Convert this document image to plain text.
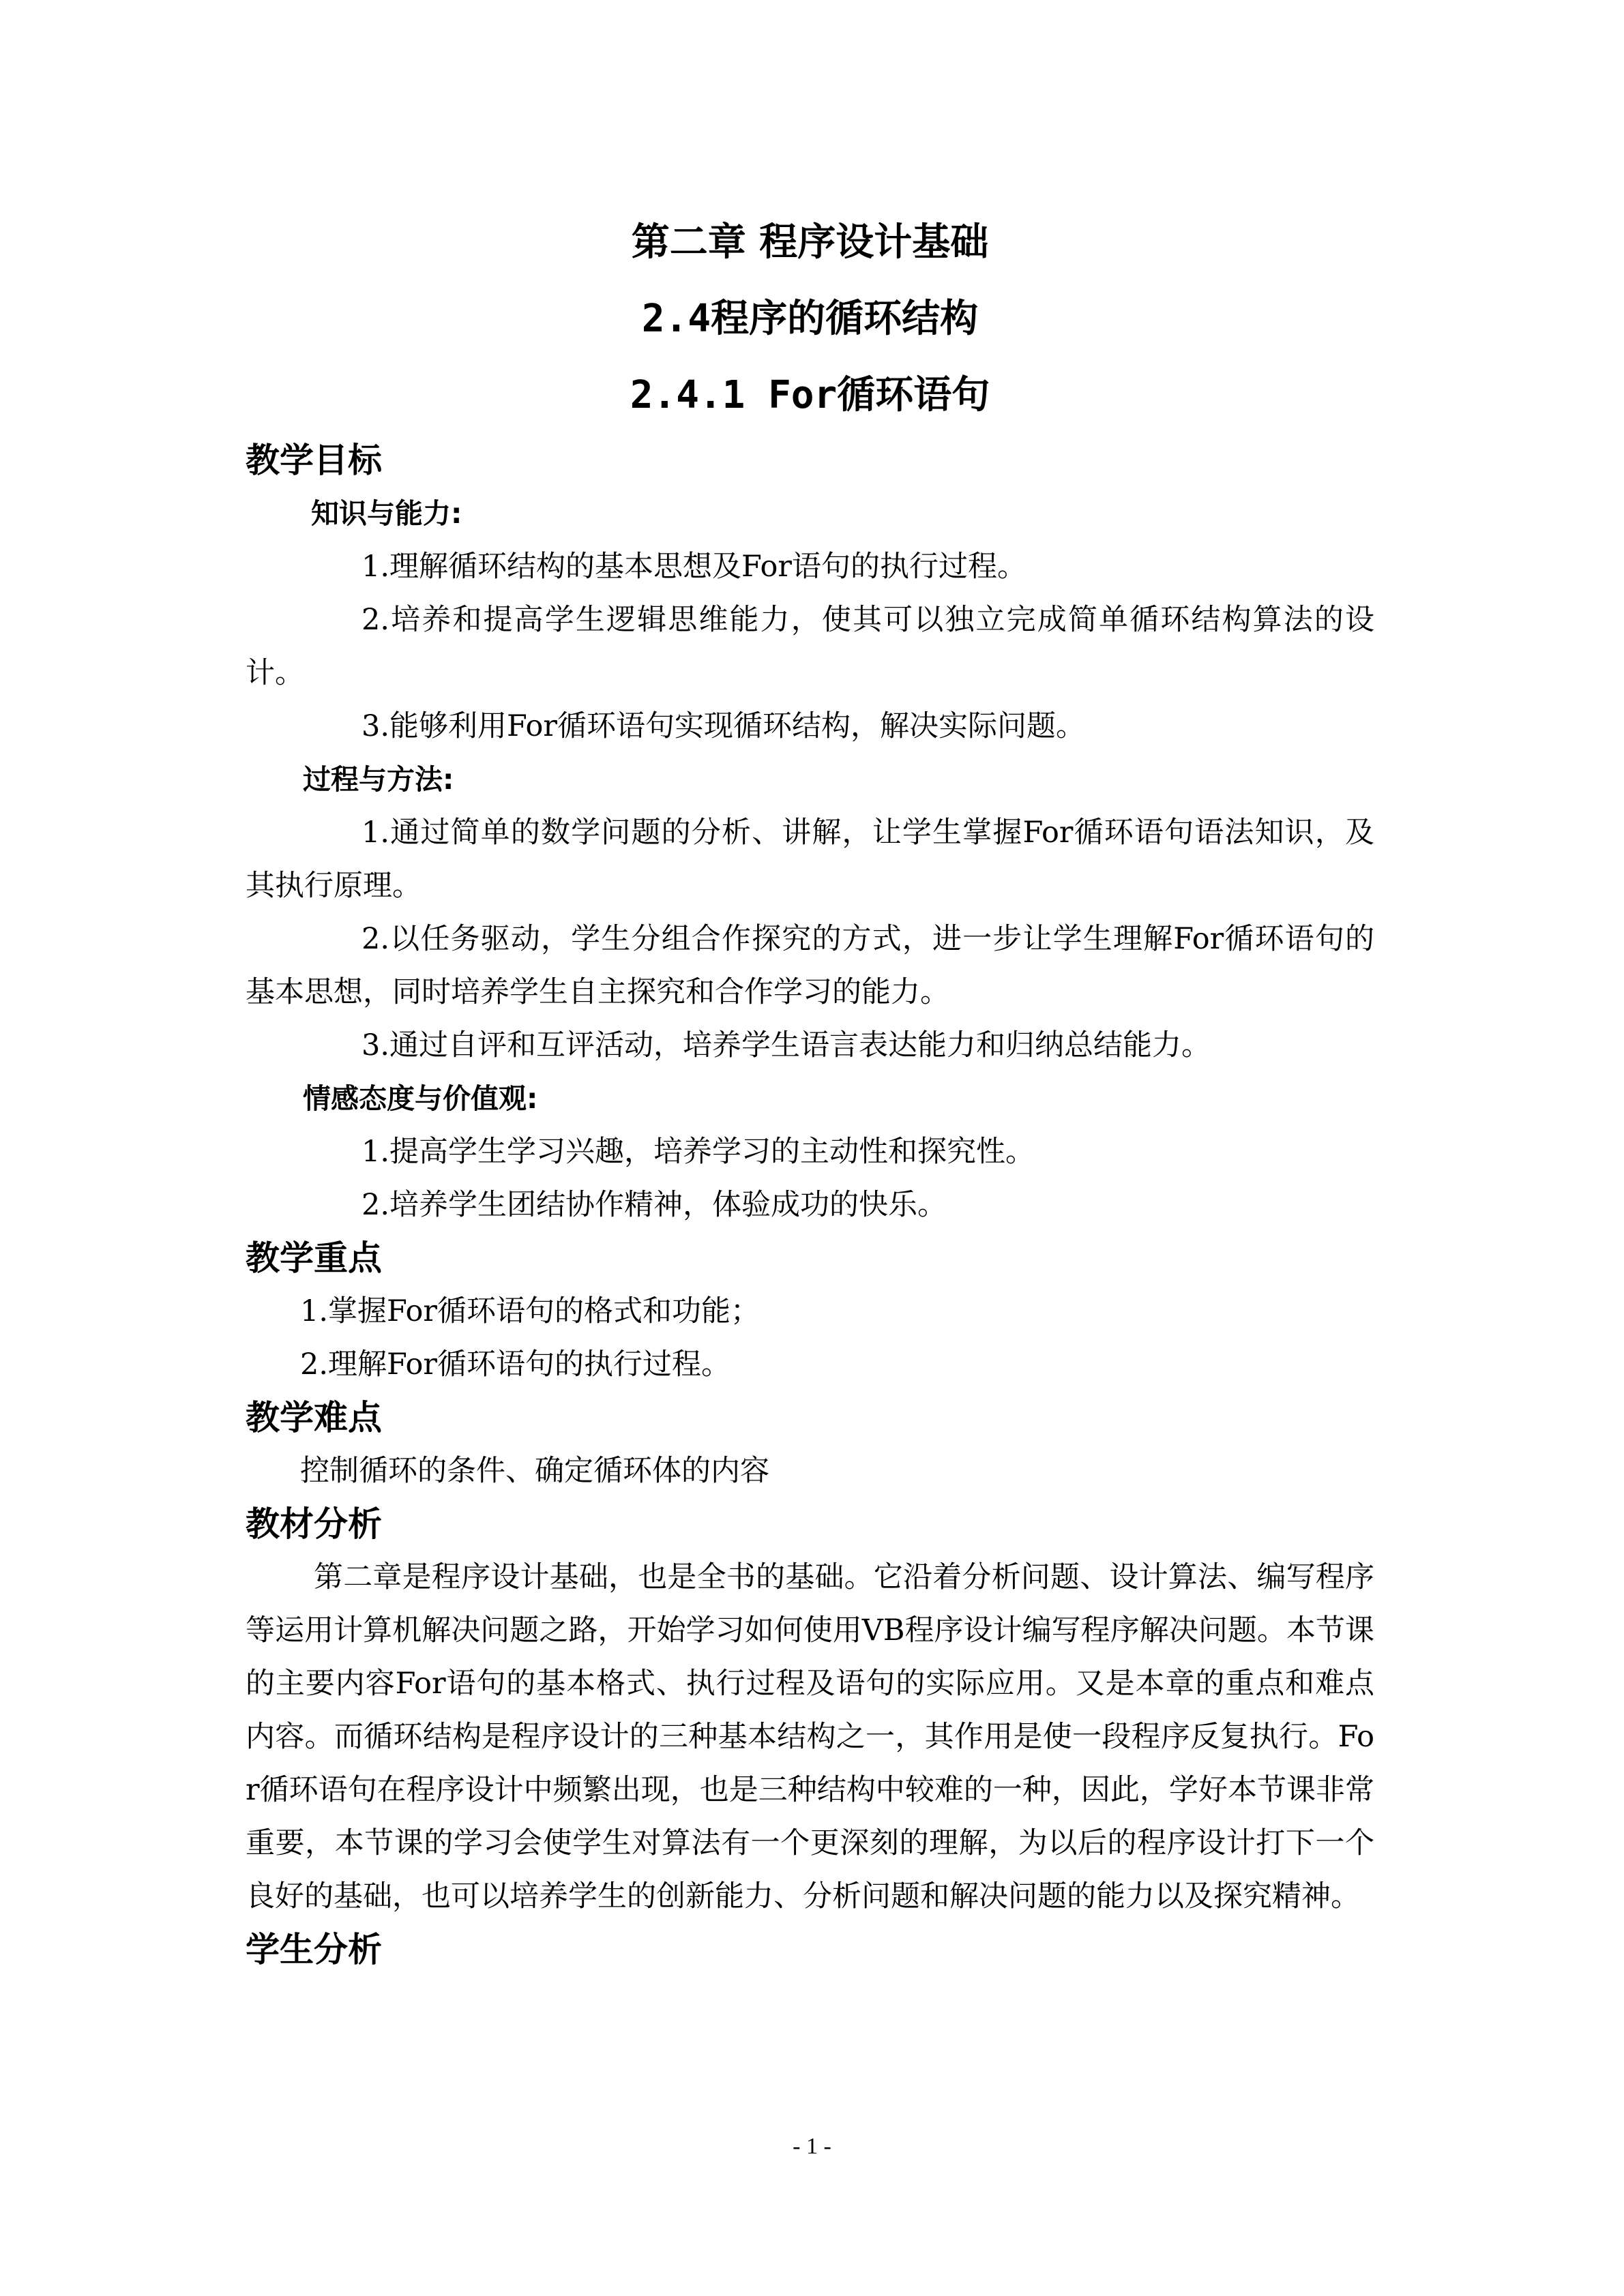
第二章 程序设计基础
2.4程序的循环结构
2.4.1 For循环语句
教学目标
知识与能力:

1.理解循环结构的基本思想及For语句的执行过程。

2.培养和提高学生逻辑思维能力，使其可以独立完成简单循环结构算法的设计。

3.能够利用For循环语句实现循环结构，解决实际问题。

过程与方法:

1.通过简单的数学问题的分析、讲解，让学生掌握For循环语句语法知识，及其执行原理。

2.以任务驱动，学生分组合作探究的方式，进一步让学生理解For循环语句的基本思想，同时培养学生自主探究和合作学习的能力。

3.通过自评和互评活动，培养学生语言表达能力和归纳总结能力。

情感态度与价值观:

1.提高学生学习兴趣，培养学习的主动性和探究性。

2.培养学生团结协作精神，体验成功的快乐。

教学重点

1.掌握For循环语句的格式和功能；

2.理解For循环语句的执行过程。

教学难点

控制循环的条件、确定循环体的内容

教材分析

第二章是程序设计基础，也是全书的基础。它沿着分析问题、设计算法、编写程序等运用计算机解决问题之路，开始学习如何使用VB程序设计编写程序解决问题。本节课的主要内容For语句的基本格式、执行过程及语句的实际应用。又是本章的重点和难点内容。而循环结构是程序设计的三种基本结构之一，其作用是使一段程序反复执行。For循环语句在程序设计中频繁出现，也是三种结构中较难的一种，因此，学好本节课非常重要，本节课的学习会使学生对算法有一个更深刻的理解，为以后的程序设计打下一个良好的基础，也可以培养学生的创新能力、分析问题和解决问题的能力以及探究精神。

学生分析
- 1 -
